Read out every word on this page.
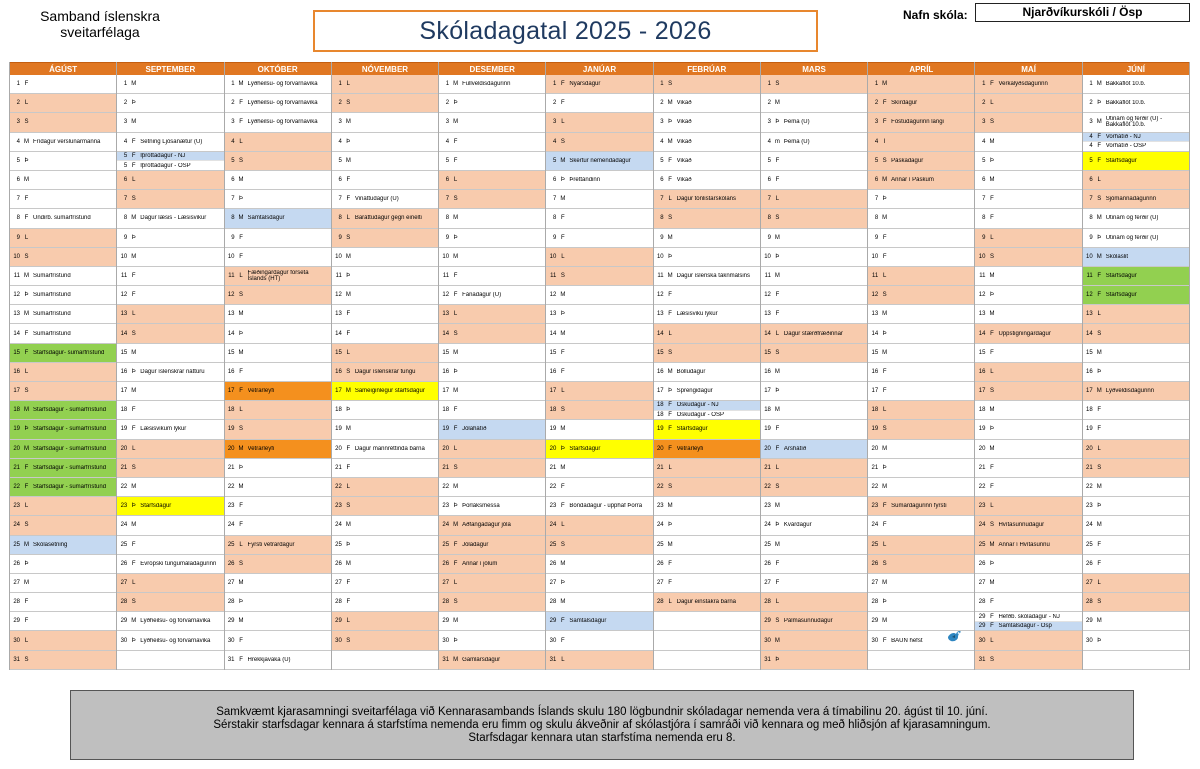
Samband íslenskra
sveitarfélaga	Skóladagatal 2025 - 2026
Nafn skóla:	Njarðvíkurskóli / Ösp
ÁGÚST
1 F
2 L
3 S
4 M Frídagur verslunarmanna
5 Þ
6 M
7 F
8 F Undirb. sumarfrístund
9 L
10 S
11 M Sumarfrístund
12 Þ Sumarfrístund
13 M Sumarfrístund
14 F Sumarfrístund
15 F Starfsdagur- sumarfrístund
16 L
17 S
18 M Starfsdagur - sumarfrístund
19 Þ Starfsdagur - sumarfrístund
20 M Starfsdagur - sumarfrístund
21 F Starfsdagur - sumarfrístund
22 F Starfsdagur - sumarfrístund
23 L
24 S
25 M Skólasetning
26 Þ
27 M
28 F
29 F
30 L
31 S
SEPTEMBER
1 M
2 Þ
3 M
4 F Setning Ljósanætur (U)
5 F Íþróttadagur - NJ
5 F Íþróttadagur - ÖSP
6 L
7 S
8 M Dagur læsis - Læsisvikur
9 Þ
10 M
11 F
12 F
13 L
14 S
15 M
16 Þ Dagur íslenskrar náttúru
17 M
18 F
19 F Læsisvikum lýkur
20 L
21 S
22 M
23 Þ Starfsdagur
24 M
25 F
26 F Evrópski tungumáladagurinn
27 L
28 S
29 M Lýðheilsu- og forvarnavika
30 Þ Lýðheilsu- og forvarnavika
OKTÓBER
1 M Lýðheilsu- og forvarnavika
2 F Lýðheilsu- og forvarnavika
3 F Lýðheilsu- og forvarnavika
4 L
5 S
6 M
7 Þ
8 M Samtalsdagur
9 F
10 F
11 L Fæðingardagur forseta Íslands (HT)
12 S
13 M
14 Þ
15 M
16 F
17 F Vetrarleyfi
18 L
19 S
20 M Vetrarleyfi
21 Þ
22 M
23 F
24 F
25 L Fyrsti vetrardagur
26 S
27 M
28 Þ
29 M
30 F
31 F Hrekkjavaka (U)
NÓVEMBER
1 L
2 S
3 M
4 Þ
5 M
6 F
7 F Vináttudagur (U)
8 L Baráttudagur gegn einelti
9 S
10 M
11 Þ
12 M
13 F
14 F
15 L
16 S Dagur íslenskrar tungu
17 M Sameiginlegur starfsdagur
18 Þ
19 M
20 F Dagur mannréttinda barna
21 F
22 L
23 S
24 M
25 Þ
26 M
27 F
28 F
29 L
30 S
DESEMBER
1 M Fullveldisdagurinn
2 Þ
3 M
4 F
5 F
6 L
7 S
8 M
9 Þ
10 M
11 F
12 F Fánadagur (U)
13 L
14 S
15 M
16 Þ
17 M
18 F
19 F Jólahátíð
20 L
21 S
22 M
23 Þ Þorláksmessa
24 M Aðfangadagur jóla
25 F Jóladagur
26 F Annar í jólum
27 L
28 S
29 M
30 Þ
31 M Gamlársdagur
JANÚAR
1 F Nýársdagur
2 F
3 L
4 S
5 M Skertur nemendadagur
6 Þ Þrettándinn
7 M
8 F
9 F
10 L
11 S
12 M
13 Þ
14 M
15 F
16 F
17 L
18 S
19 M
20 Þ Starfsdagur
21 M
22 F
23 F Bóndadagur - upphaf Þorra
24 L
25 S
26 M
27 Þ
28 M
29 F Samtalsdagur
30 F
31 L
FEBRÚAR
1 S
2 M Vikað
3 Þ Vikað
4 M Vikað
5 F Vikað
6 F Vikað
7 L Dagur tónlistarskólans
8 S
9 M
10 Þ
11 M Dagur íslenska táknmálsins
12 F
13 F Læsisviku lýkur
14 L
15 S
16 M Bolludagur
17 Þ Sprengidagur
18 F Öskudagur - NJ
18 F Öskudagur - ÖSP
19 F Starfsdagur
20 F Vetrarleyfi
21 L
22 S
23 M
24 Þ
25 M
26 F
27 F
28 L Dagur einstakra barna
MARS
1 S
2 M
3 Þ Þema (U)
4 m Þema (U)
5 F
6 F
7 L
8 S
9 M
10 Þ
11 M
12 F
13 F
14 L Dagur stærðfræðinnar
15 S
16 M
17 Þ
18 M
19 F
20 F Árshátíð
21 L
22 S
23 M
24 Þ Kvárdagur
25 M
26 F
27 F
28 L
29 S Pálmasunnudagur
30 M
31 Þ
APRÍL
1 M
2 F Skírdagur
3 F Föstudagurinn langi
4 I
5 S Páskadagur
6 M Annar í Páskum
7 Þ
8 M
9 F
10 F
11 L
12 S
13 M
14 Þ
15 M
16 F
17 F
18 L
19 S
20 M
21 Þ
22 M
23 F Sumardagurinn fyrsti
24 F
25 L
26 S
27 M
28 Þ
29 M
30 F BAUN hefst
MAÍ
1 F Verkalýðsdagurinn
2 L
3 S
4 M
5 Þ
6 M
7 F
8 F
9 L
10 S
11 M
12 Þ
13 M
14 F Uppstigningardagur
15 F
16 L
17 S
18 M
19 Þ
20 M
21 F
22 F
23 L
24 S Hvítasunnudagur
25 M Annar í Hvítasunnu
26 Þ
27 M
28 F
29 F Hefðb. skóladagur - NJ
29 F Samtalsdagur - Ösp
30 L
31 S
JÚNÍ
1 M Bakkaflöt 10.b.
2 Þ Bakkaflöt 10.b.
3 M Útinám og ferðir (U) - Bakkaflöt 10.b.
4 F Vorhátíð - NJ
4 F Vorhátíð - ÖSP
5 F Starfsdagur
6 L
7 S Sjómannadagurinn
8 M Útinám og ferðir (U)
9 Þ Útinám og ferðir (U)
10 M Skólaslit
11 F Starfsdagur
12 F Starfsdagur
13 L
14 S
15 M
16 Þ
17 M Lýðveldisdagurinn
18 F
19 F
20 L
21 S
22 M
23 Þ
24 M
25 F
26 F
27 L
28 S
29 M
30 Þ
Samkvæmt kjarasamningi sveitarfélaga við Kennarasambands Íslands skulu 180 lögbundnir skóladagar nemenda vera á tímabilinu 20. ágúst til 10. júní.
Sérstakir starfsdagar kennara á starfstíma nemenda eru fimm og skulu ákveðnir af skólastjóra í samráði við kennara og með hliðsjón af kjarasamningum.
Starfsdagar kennara utan starfstíma nemenda eru 8.
